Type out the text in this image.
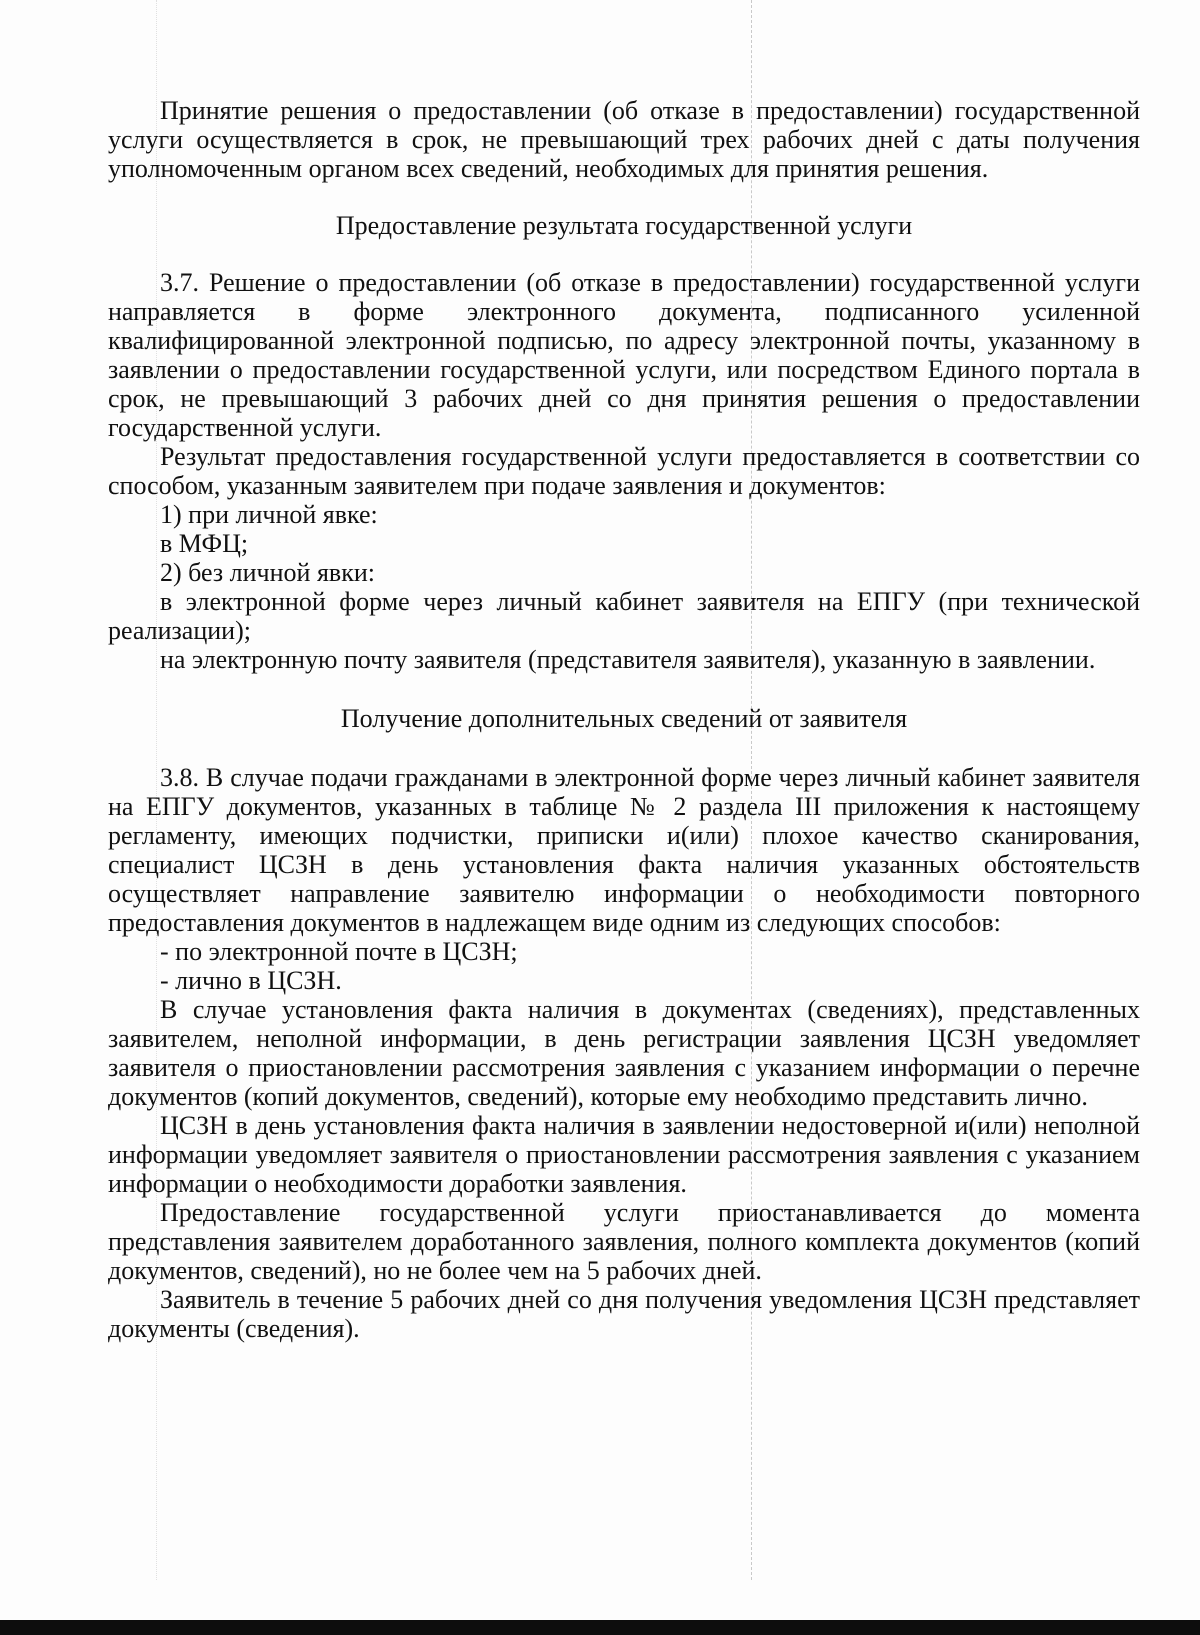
Принятие решения о предоставлении (об отказе в предоставлении) государственной услуги осуществляется в срок, не превышающий трех рабочих дней с даты получения уполномоченным органом всех сведений, необходимых для принятия решения.

Предоставление результата государственной услуги

3.7. Решение о предоставлении (об отказе в предоставлении) государственной услуги направляется в форме электронного документа, подписанного усиленной квалифицированной электронной подписью, по адресу электронной почты, указанному в заявлении о предоставлении государственной услуги, или посредством Единого портала в срок, не превышающий 3 рабочих дней со дня принятия решения о предоставлении государственной услуги.

Результат предоставления государственной услуги предоставляется в соответствии со способом, указанным заявителем при подаче заявления и документов:

1) при личной явке:

в МФЦ;

2) без личной явки:

в электронной форме через личный кабинет заявителя на ЕПГУ (при технической реализации);

на электронную почту заявителя (представителя заявителя), указанную в заявлении.

Получение дополнительных сведений от заявителя

3.8. В случае подачи гражданами в электронной форме через личный кабинет заявителя на ЕПГУ документов, указанных в таблице № 2 раздела III приложения к настоящему регламенту, имеющих подчистки, приписки и(или) плохое качество сканирования, специалист ЦСЗН в день установления факта наличия указанных обстоятельств осуществляет направление заявителю информации о необходимости повторного предоставления документов в надлежащем виде одним из следующих способов:

- по электронной почте в ЦСЗН;

- лично в ЦСЗН.

В случае установления факта наличия в документах (сведениях), представленных заявителем, неполной информации, в день регистрации заявления ЦСЗН уведомляет заявителя о приостановлении рассмотрения заявления с указанием информации о перечне документов (копий документов, сведений), которые ему необходимо представить лично.

ЦСЗН в день установления факта наличия в заявлении недостоверной и(или) неполной информации уведомляет заявителя о приостановлении рассмотрения заявления с указанием информации о необходимости доработки заявления.

Предоставление государственной услуги приостанавливается до момента представления заявителем доработанного заявления, полного комплекта документов (копий документов, сведений), но не более чем на 5 рабочих дней.

Заявитель в течение 5 рабочих дней со дня получения уведомления ЦСЗН представляет документы (сведения).
